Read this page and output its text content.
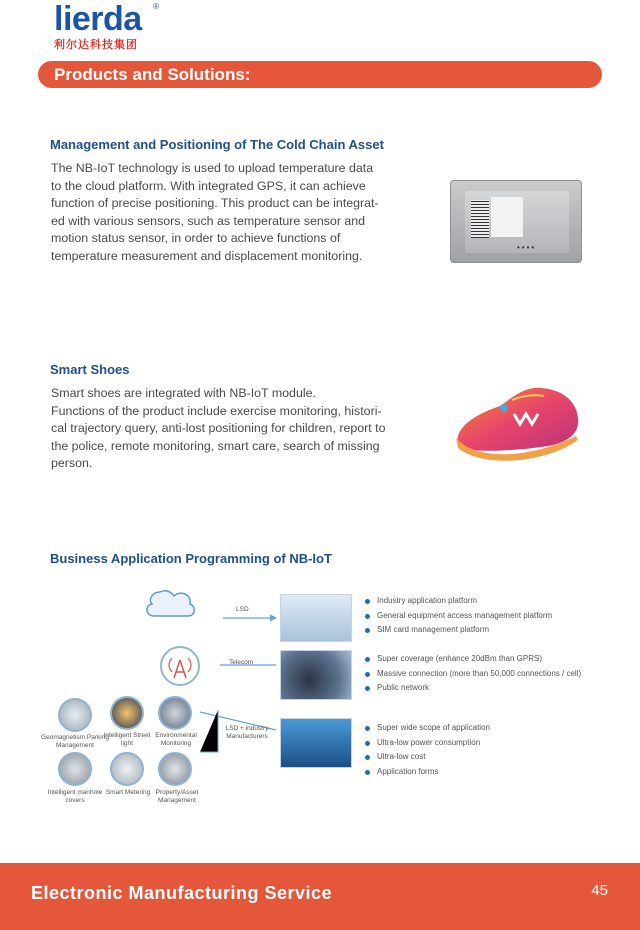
lierda ®
利尔达科技集团
Products and Solutions:
Management and Positioning of The Cold Chain Asset

The NB-IoT technology is used to upload temperature data

to the cloud platform. With integrated GPS, it can achieve

function of precise positioning. This product can be integrat-

ed with various sensors, such as temperature sensor and

motion status sensor, in order to achieve functions of

temperature measurement and displacement monitoring.

••••
Smart Shoes

Smart shoes are integrated with NB-IoT module.

Functions of the product include exercise monitoring, histori-

cal trajectory query, anti-lost positioning for children, report to

the police, remote monitoring, smart care, search of missing

person.

Business Application Programming of NB-IoT
LSD
Telecom
LSD + industry Manufacturers
Industry application platform
General equipment access management platform
SIM card management platform
Super coverage (enhance 20dBm than GPRS)
Massive connection (more than 50,000 connections / cell)
Public network
Super wide scope of application
Ultra-low power consumption
Ultra-low cost
Application forms
Geomagnetism Parking Management
Intelligent Street light
Environmental Monitoring
Intelligent manhole covers
Smart Metering Property/Asset Management
Electronic Manufacturing Service	45
